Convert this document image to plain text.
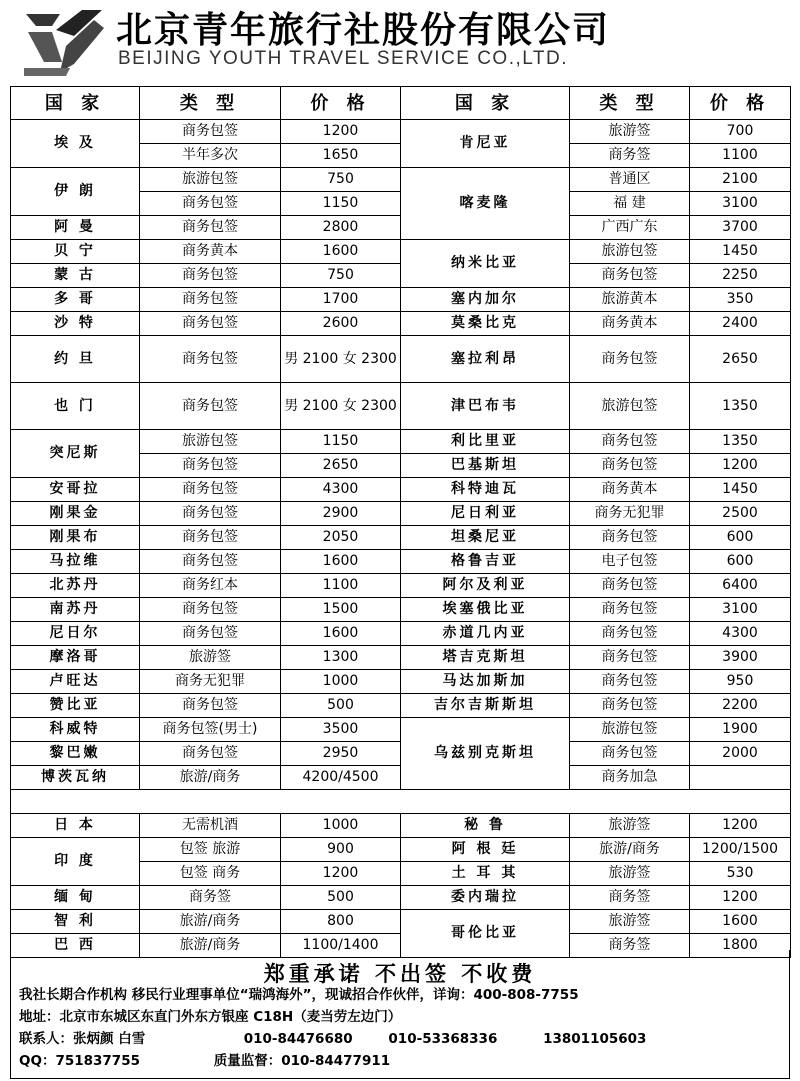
北京青年旅行社股份有限公司
BEIJING YOUTH TRAVEL SERVICE CO.,LTD.
国 家	类 型	价 格	国 家	类 型	价 格
埃 及	商务包签	1200	肯尼亚	旅游签	700
	半年多次	1650		商务签	1100
伊 朗	旅游包签	750	喀麦隆	普通区	2100
	商务包签	1150		福 建	3100
阿 曼	商务包签	2800		广西广东	3700
贝 宁	商务黄本	1600	纳米比亚	旅游包签	1450
蒙 古	商务包签	750		商务包签	2250
多 哥	商务包签	1700	塞内加尔	旅游黄本	350
沙 特	商务包签	2600	莫桑比克	商务黄本	2400
约 旦	商务包签	男 2100 女 2300	塞拉利昂	商务包签	2650
也 门	商务包签	男 2100 女 2300	津巴布韦	旅游包签	1350
突尼斯	旅游包签	1150	利比里亚	商务包签	1350
	商务包签	2650	巴基斯坦	商务包签	1200
安哥拉	商务包签	4300	科特迪瓦	商务黄本	1450
刚果金	商务包签	2900	尼日利亚	商务无犯罪	2500
刚果布	商务包签	2050	坦桑尼亚	商务包签	600
马拉维	商务包签	1600	格鲁吉亚	电子包签	600
北苏丹	商务红本	1100	阿尔及利亚	商务包签	6400
南苏丹	商务包签	1500	埃塞俄比亚	商务包签	3100
尼日尔	商务包签	1600	赤道几内亚	商务包签	4300
摩洛哥	旅游签	1300	塔吉克斯坦	商务包签	3900
卢旺达	商务无犯罪	1000	马达加斯加	商务包签	950
赞比亚	商务包签	500	吉尔吉斯斯坦	商务包签	2200
科威特	商务包签(男士)	3500	乌兹别克斯坦	旅游包签	1900
黎巴嫩	商务包签	2950		商务包签	2000
博茨瓦纳	旅游/商务	4200/4500		商务加急	

日 本	无需机酒	1000	秘 鲁	旅游签	1200
印 度	包签 旅游	900	阿 根 廷	旅游/商务	1200/1500
	包签 商务	1200	土 耳 其	旅游签	530
缅 甸	商务签	500	委内瑞拉	商务签	1200
智 利	旅游/商务	800	哥伦比亚	旅游签	1600
巴 西	旅游/商务	1100/1400		商务签	1800
郑重承诺 不出签 不收费
我社长期合作机构 移民行业理事单位“瑞鸿海外”，现诚招合作伙伴，详询：400-808-7755
地址：北京市东城区东直门外东方银座 C18H（麦当劳左边门）
联系人：张炳颜 白雪	010-84476680	010-53368336	13801105603
QQ：751837755	质量监督：010-84477911
